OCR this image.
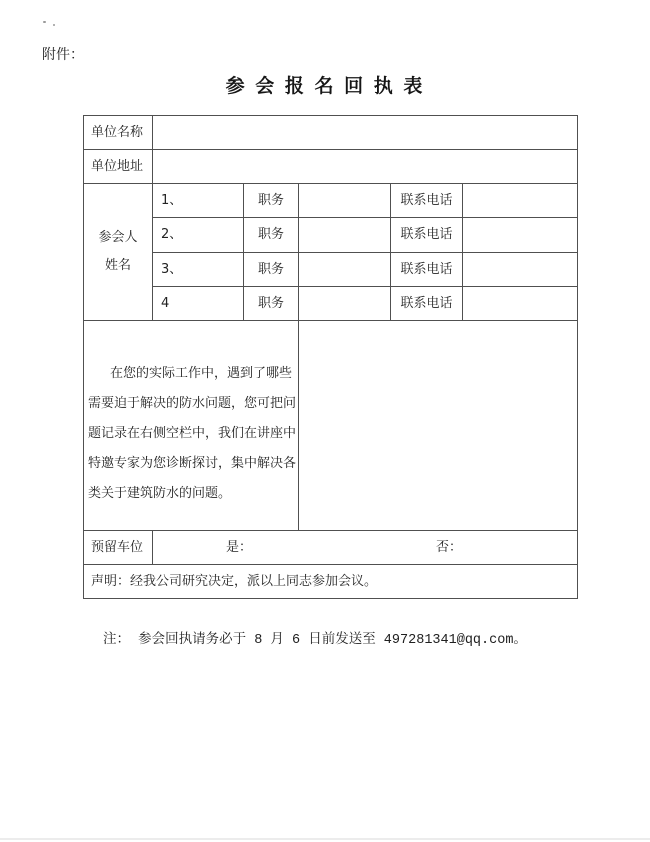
附件：
参 会 报 名 回 执 表
单位名称					
单位地址					

参会人
姓名	1、	职务		联系电话	
	2、	职务		联系电话	
	3、	职务		联系电话	
	4	职务		联系电话	

在您的实际工作中，遇到了哪些
需要迫于解决的防水问题，您可把问
题记录在右侧空栏中，我们在讲座中
特邀专家为您诊断探讨，集中解决各
类关于建筑防水的问题。					

预留车位	是： 否：				

声明：经我公司研究决定，派以上同志参加会议。					
注： 参会回执请务必于 8 月 6 日前发送至 497281341@qq.com。
